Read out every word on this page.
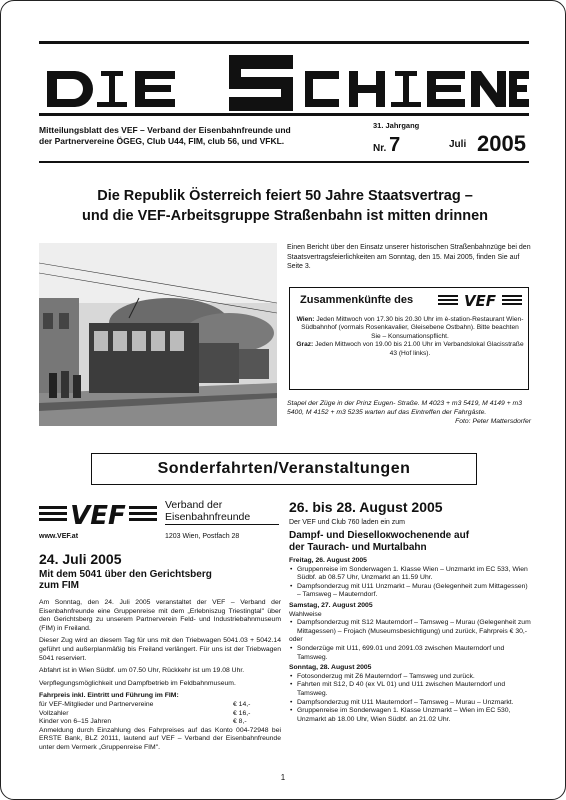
Mitteilungsblatt des VEF – Verband der Eisenbahnfreunde und
der Partnervereine ÖGEG, Club U44, FIM, club 56, und VFKL.
31. Jahrgang
Nr. 7	Juli 2005
Die Republik Österreich feiert 50 Jahre Staatsvertrag –
und die VEF-Arbeitsgruppe Straßenbahn ist mitten drinnen
Einen Bericht über den Einsatz unserer historischen Straßenbahnzüge bei den Staatsvertragsfeierlichkeiten am Sonntag, den 15. Mai 2005, finden Sie auf Seite 3.
Zusammenkünfte des	VEF
Wien: Jeden Mittwoch von 17.30 bis 20.30 Uhr im è-station-Restaurant Wien-Südbahnhof (vormals Rosenkavalier, Gleisebene Ostbahn). Bitte beachten Sie – Konsumationspflicht.
Graz: Jeden Mittwoch von 19.00 bis 21.00 Uhr im Verbandslokal Glacisstraße 43 (Hof links).
Stapel der Züge in der Prinz Eugen- Straße. M 4023 + m3 5419, M 4149 + m3 5400, M 4152 + m3 5235 warten auf das Eintreffen der Fahrgäste.
Foto: Peter Mattersdorfer
Sonderfahrten/Veranstaltungen
VEF	Verband der
Eisenbahnfreunde
www.VEF.at	1203 Wien, Postfach 28
24. Juli 2005
Mit dem 5041 über den Gerichtsberg
zum FIM

Am Sonntag, den 24. Juli 2005 veranstaltet der VEF – Verband der Eisenbahnfreunde eine Gruppenreise mit dem „Erlebniszug Triestingtal" über den Gerichtsberg zu unserem Partnerverein Feld- und Industriebahnmuseum (FIM) in Freiland.

Dieser Zug wird an diesem Tag für uns mit den Triebwagen 5041.03 + 5042.14 geführt und außerplanmäßig bis Freiland verlängert. Für uns ist der Triebwagen 5041 reserviert.

Abfahrt ist in Wien Südbf. um 07.50 Uhr, Rückkehr ist um 19.08 Uhr.

Verpflegungsmöglichkeit und Dampfbetrieb im Feldbahnmuseum.

Fahrpreis inkl. Eintritt und Führung im FIM:
für VEF-Mitglieder und Partnervereine	€ 14,-
Vollzahler	€ 16,-
Kinder von 6–15 Jahren	€ 8,-

Anmeldung durch Einzahlung des Fahrpreises auf das Konto 004-72948 bei ERSTE Bank, BLZ 20111, lautend auf VEF – Verband der Eisenbahnfreunde unter dem Vermerk „Gruppenreise FIM".

26. bis 28. August 2005
Der VEF und Club 760 laden ein zum
Dampf- und Dieselloкwochenende auf
der Taurach- und Murtalbahn
Freitag, 26. August 2005
• Gruppenreise im Sonderwagen 1. Klasse Wien – Unzmarkt im EC 533, Wien Südbf. ab 08.57 Uhr, Unzmarkt an 11.59 Uhr.
• Dampfsonderzug mit U11 Unzmarkt – Murau (Gelegenheit zum Mittagessen) – Tamsweg – Mauterndorf.
Samstag, 27. August 2005
Wahlweise
• Dampfsonderzug mit S12 Mauterndorf – Tamsweg – Murau (Gelegenheit zum Mittagessen) – Frojach (Museumsbesichtigung) und zurück, Fahrpreis € 30,-
oder
• Sonderzüge mit U11, 699.01 und 2091.03 zwischen Mauterndorf und Tamsweg.
Sonntag, 28. August 2005
• Fotosonderzug mit Z6 Mauterndorf – Tamsweg und zurück.
• Fahrten mit S12, D 40 (ex VL 01) und U11 zwischen Mauterndorf und Tamsweg.
• Dampfsonderzug mit U11 Mauterndorf – Tamsweg – Murau – Unzmarkt.
• Gruppenreise im Sonderwagen 1. Klasse Unzmarkt – Wien im EC 530, Unzmarkt ab 18.00 Uhr, Wien Südbf. an 21.02 Uhr.
1
